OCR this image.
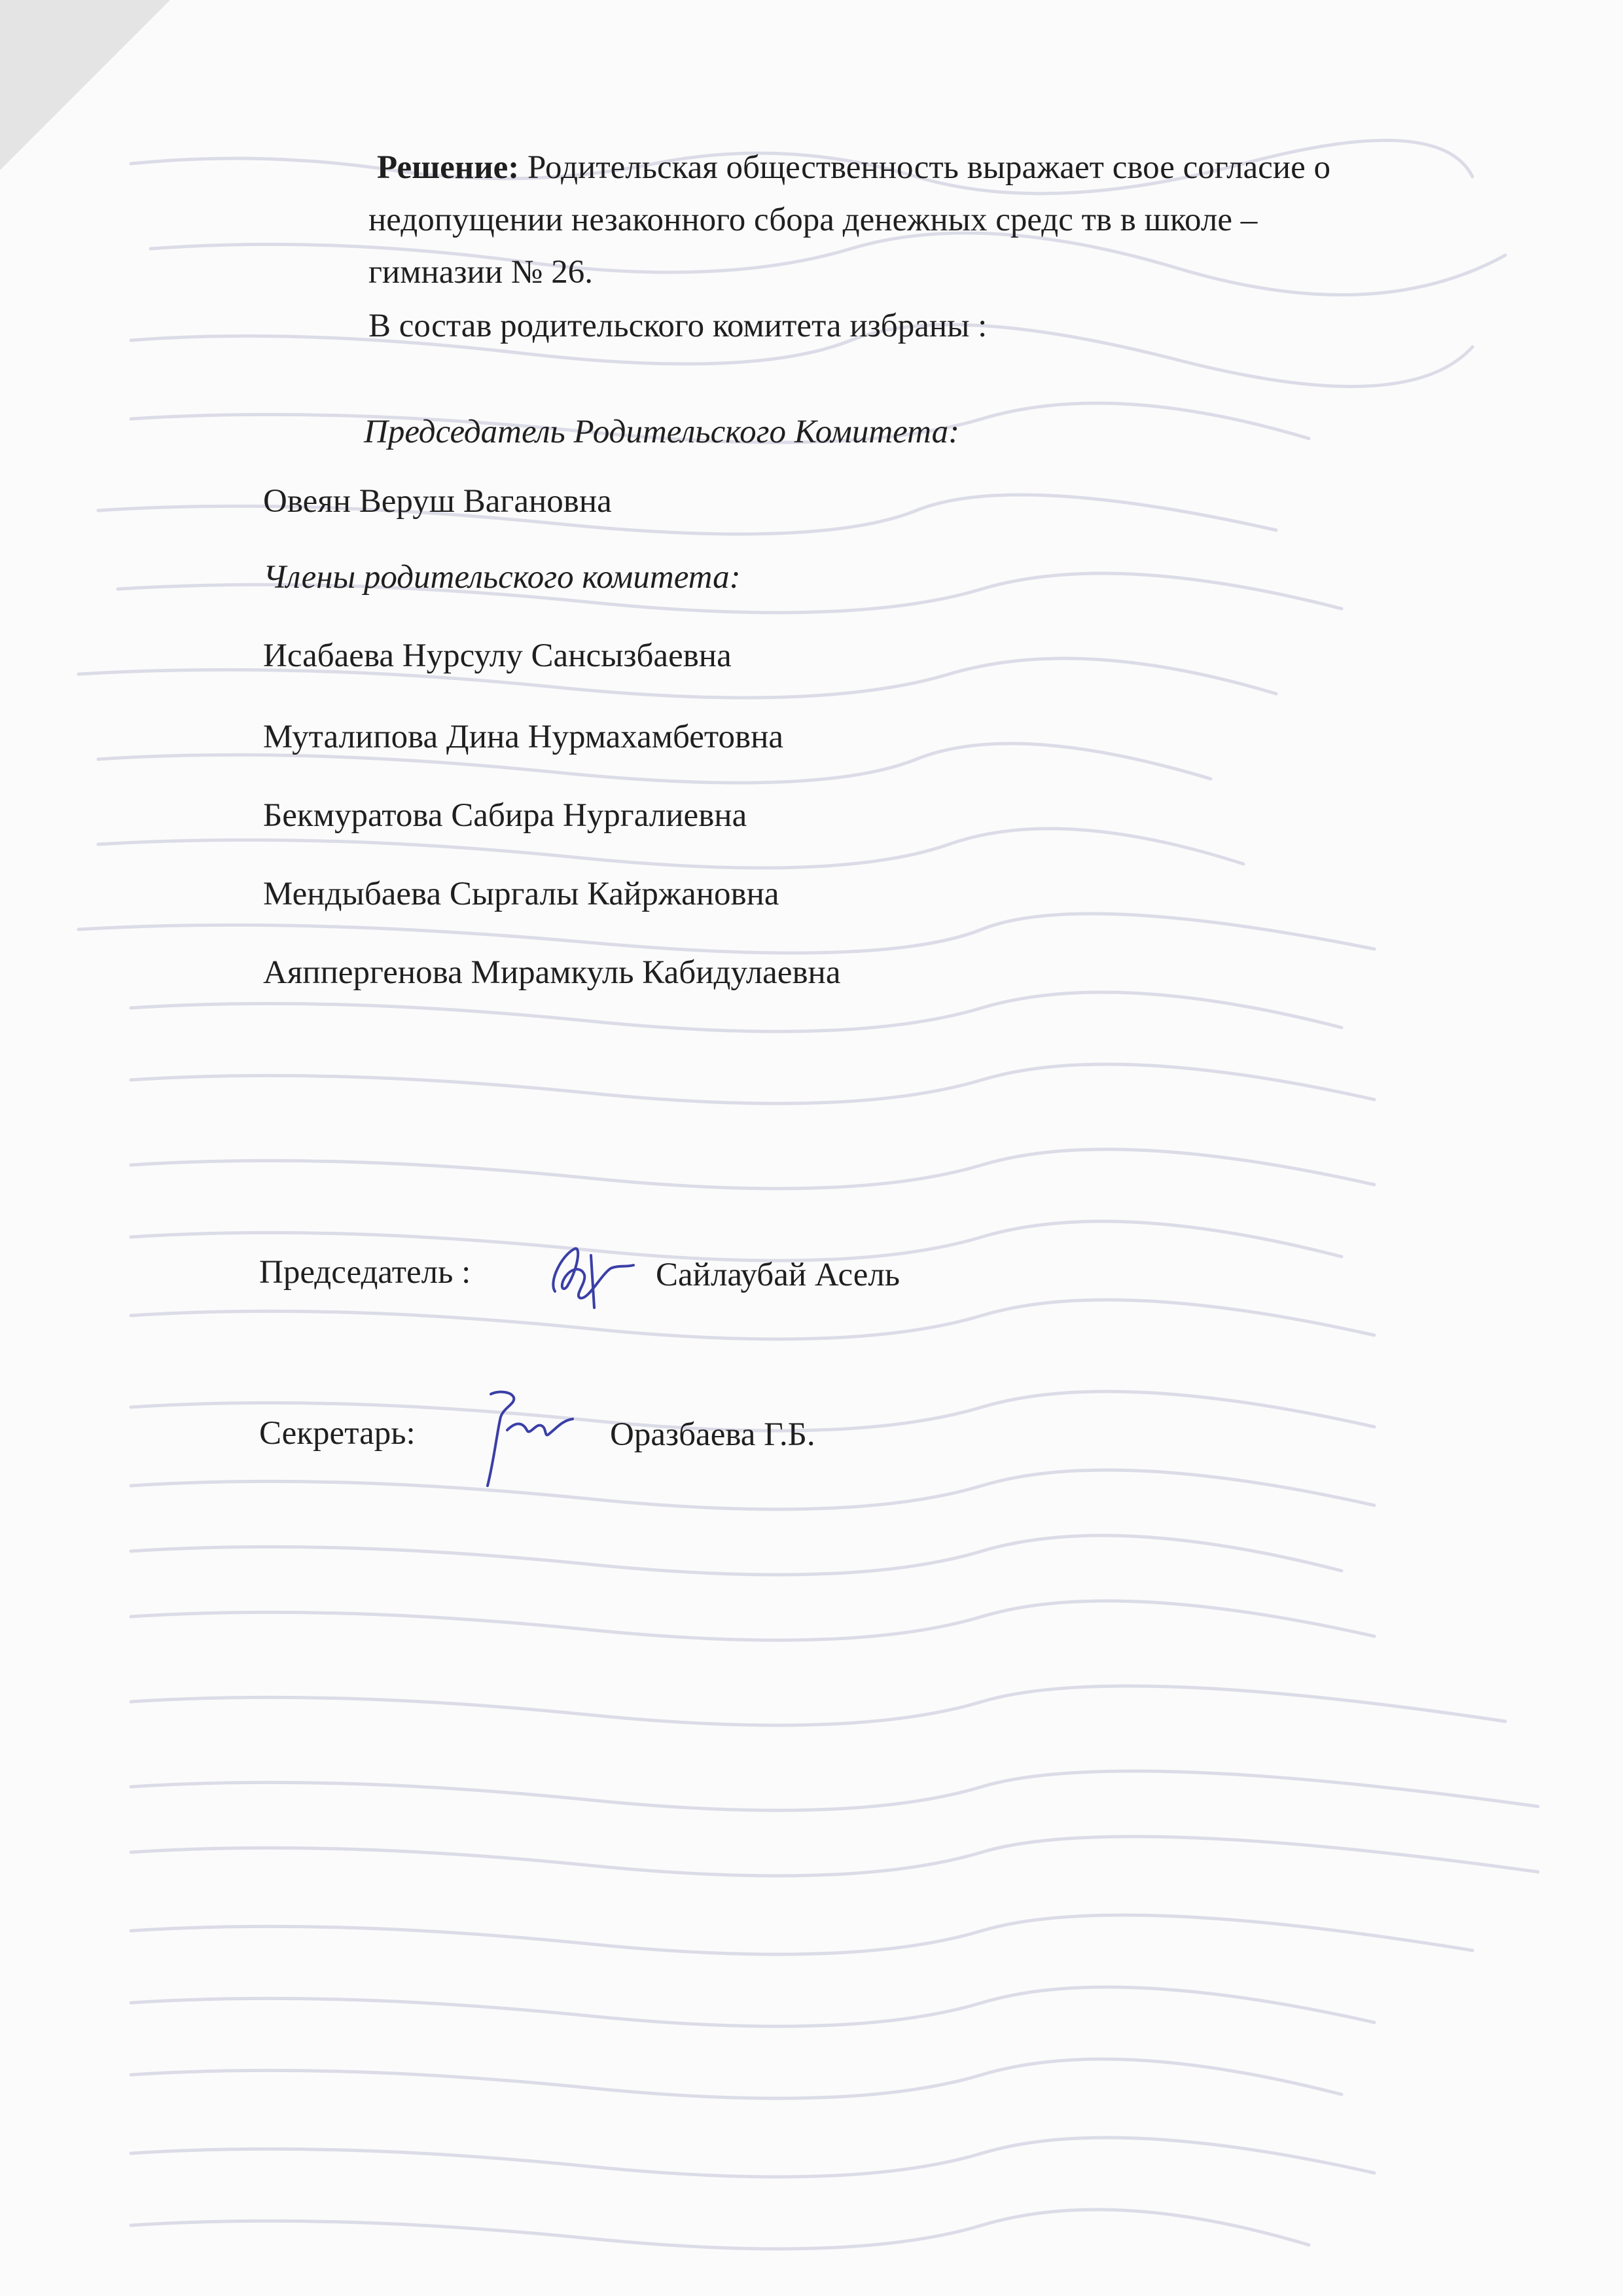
Решение: Родительская общественность выражает свое согласие о
недопущении незаконного сбора денежных средс тв в школе –
гимназии № 26.
В состав родительского комитета избраны :
Председатель Родительского Комитета:
Овеян Веруш Вагановна
Члены родительского комитета:
Исабаева Нурсулу Сансызбаевна
Муталипова Дина Нурмахамбетовна
Бекмуратова Сабира Нургалиевна
Мендыбаева Сыргалы Кайржановна
Аяппергенова Мирамкуль Кабидулаевна
Председатель :	Сайлаубай Асель
Секретарь:	Оразбаева Г.Б.
